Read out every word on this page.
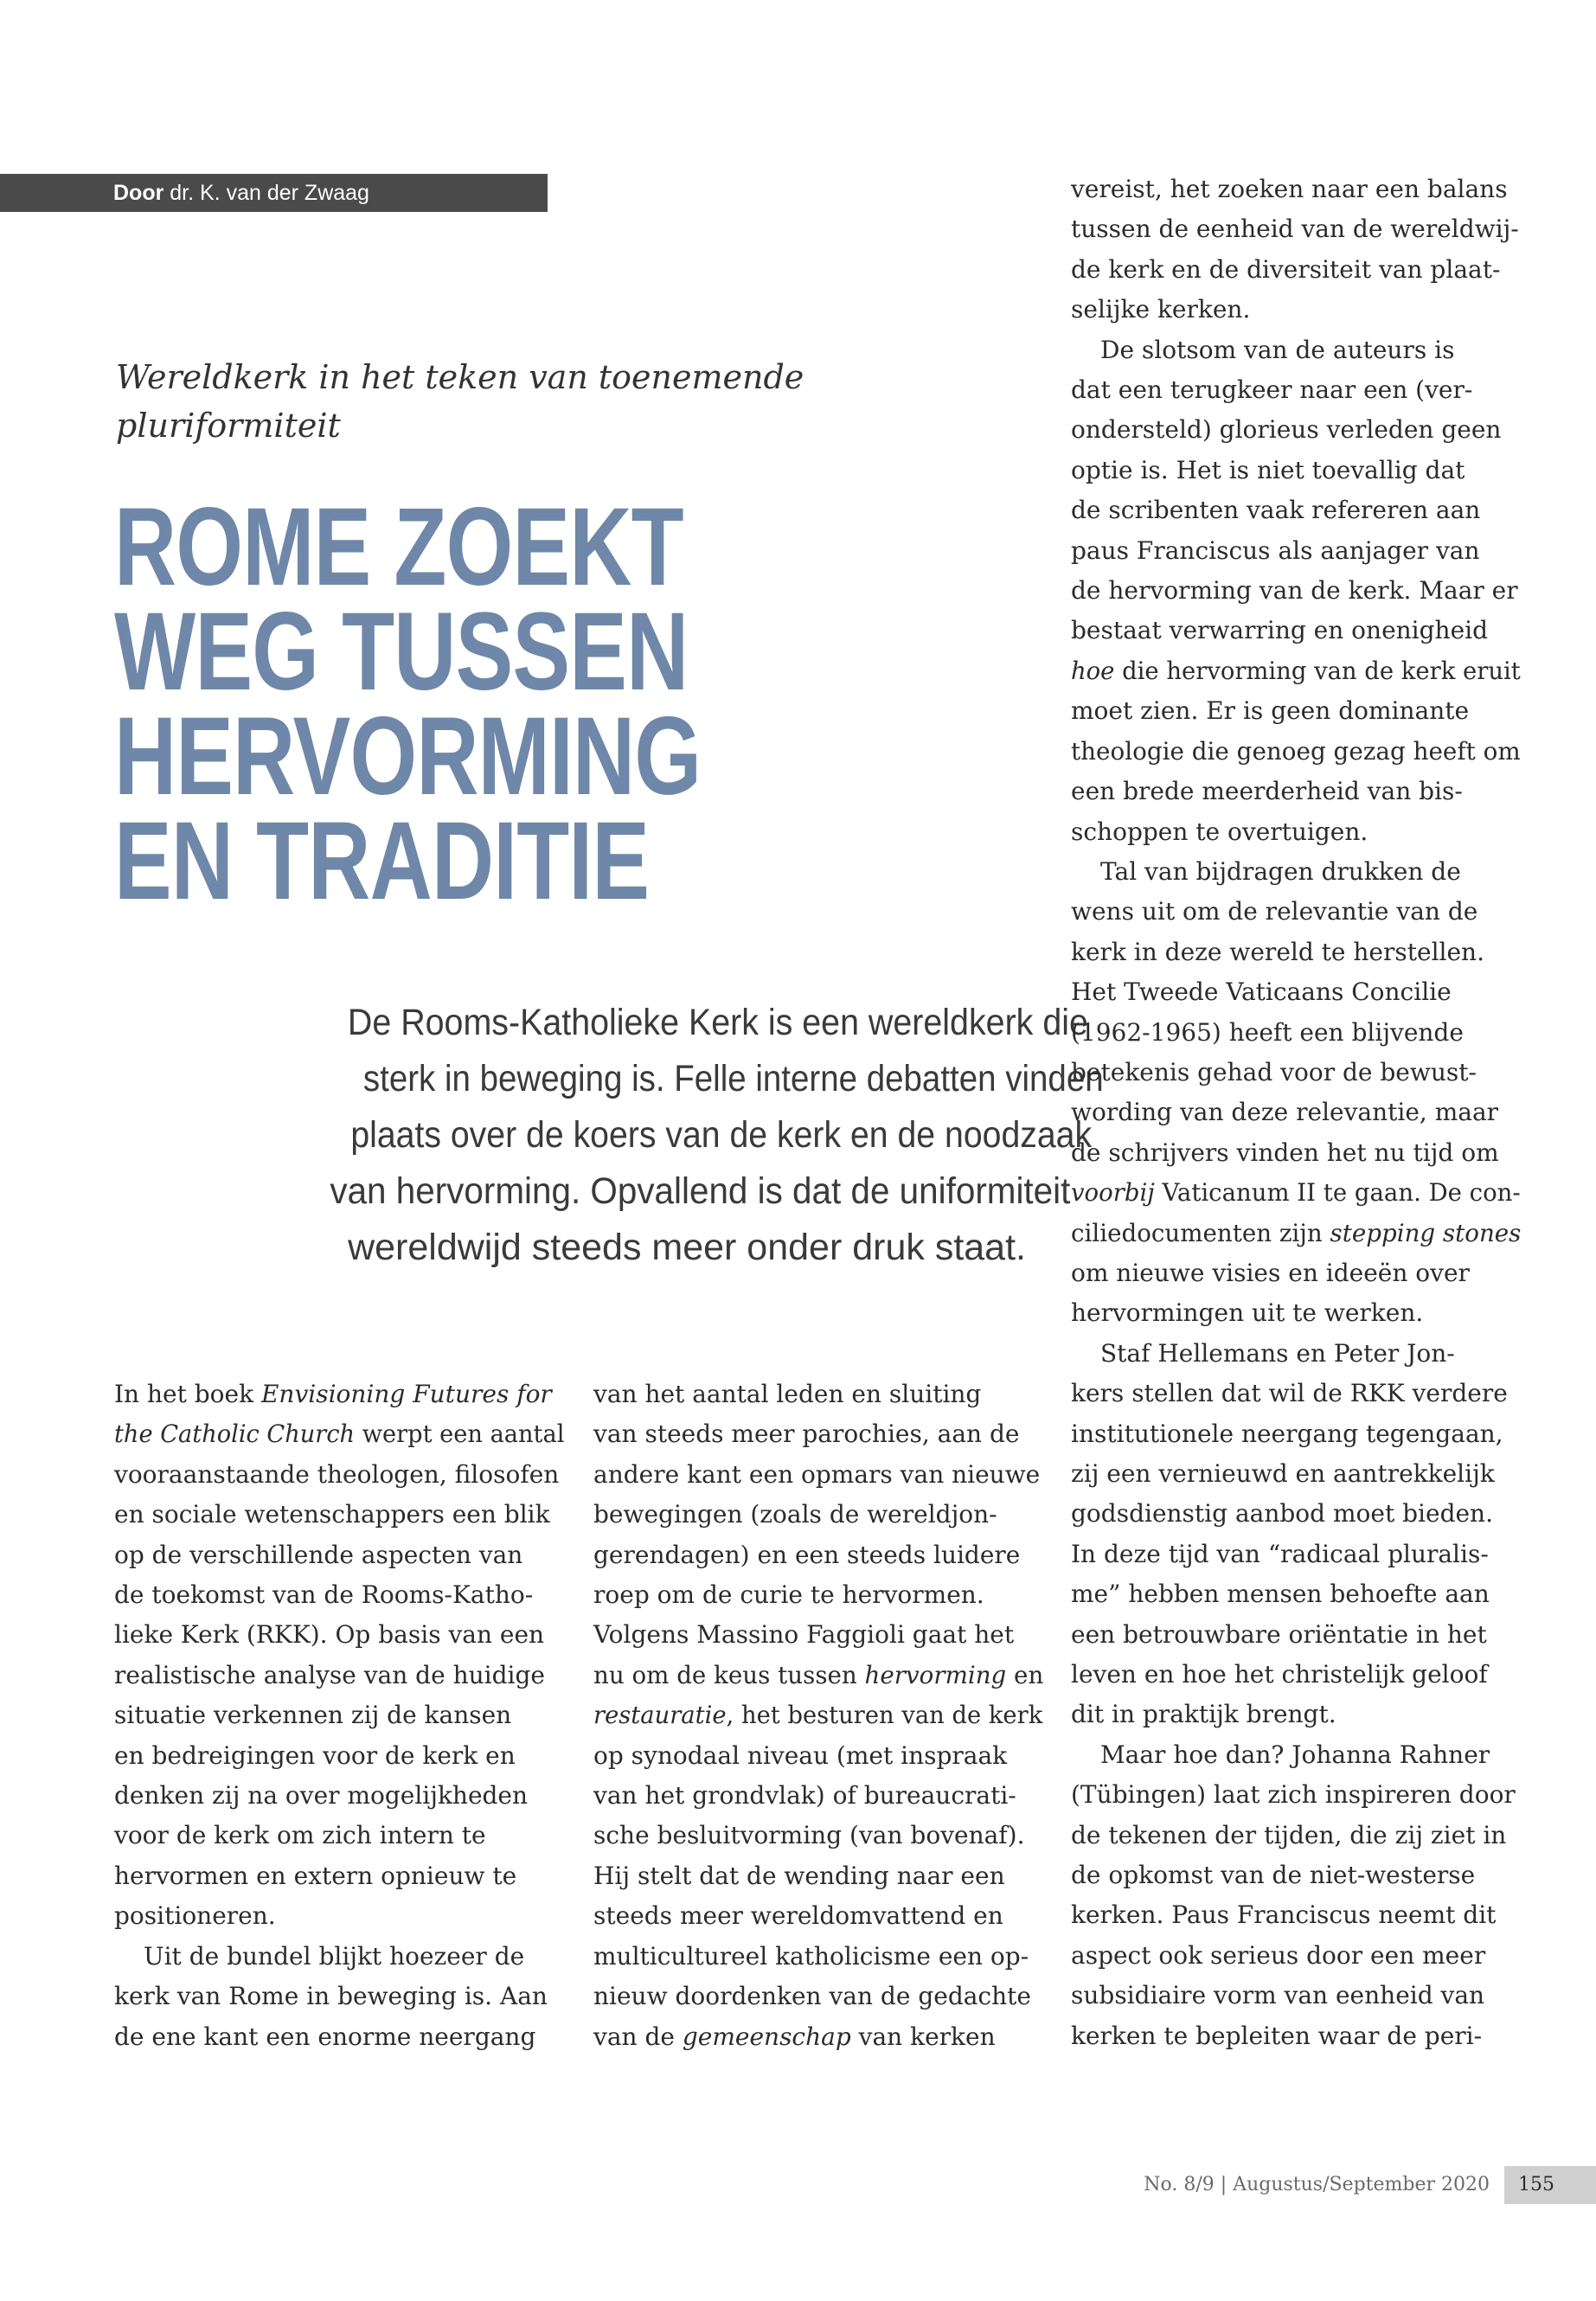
Door dr. K. van der Zwaag
Wereldkerk in het teken van toenemende
pluriformiteit
ROME ZOEKT
WEG TUSSEN
HERVORMING
EN TRADITIE
De Rooms-Katholieke Kerk is een wereldkerk die
sterk in beweging is. Felle interne debatten vinden
plaats over de koers van de kerk en de noodzaak
van hervorming. Opvallend is dat de uniformiteit
wereldwijd steeds meer onder druk staat.
In het boek Envisioning Futures for
the Catholic Church werpt een aantal
vooraanstaande theologen, filosofen
en sociale wetenschappers een blik
op de verschillende aspecten van
de toekomst van de Rooms-Katho-
lieke Kerk (RKK). Op basis van een
realistische analyse van de huidige
situatie verkennen zij de kansen
en bedreigingen voor de kerk en
denken zij na over mogelijkheden
voor de kerk om zich intern te
hervormen en extern opnieuw te
positioneren.
Uit de bundel blijkt hoezeer de
kerk van Rome in beweging is. Aan
de ene kant een enorme neergang
van het aantal leden en sluiting
van steeds meer parochies, aan de
andere kant een opmars van nieuwe
bewegingen (zoals de wereldjon-
gerendagen) en een steeds luidere
roep om de curie te hervormen.
Volgens Massino Faggioli gaat het
nu om de keus tussen hervorming en
restauratie, het besturen van de kerk
op synodaal niveau (met inspraak
van het grondvlak) of bureaucrati-
sche besluitvorming (van bovenaf).
Hij stelt dat de wending naar een
steeds meer wereldomvattend en
multicultureel katholicisme een op-
nieuw doordenken van de gedachte
van de gemeenschap van kerken
vereist, het zoeken naar een balans
tussen de eenheid van de wereldwij-
de kerk en de diversiteit van plaat-
selijke kerken.
De slotsom van de auteurs is
dat een terugkeer naar een (ver-
ondersteld) glorieus verleden geen
optie is. Het is niet toevallig dat
de scribenten vaak refereren aan
paus Franciscus als aanjager van
de hervorming van de kerk. Maar er
bestaat verwarring en onenigheid
hoe die hervorming van de kerk eruit
moet zien. Er is geen dominante
theologie die genoeg gezag heeft om
een brede meerderheid van bis-
schoppen te overtuigen.
Tal van bijdragen drukken de
wens uit om de relevantie van de
kerk in deze wereld te herstellen.
Het Tweede Vaticaans Concilie
(1962-1965) heeft een blijvende
betekenis gehad voor de bewust-
wording van deze relevantie, maar
de schrijvers vinden het nu tijd om
voorbij Vaticanum II te gaan. De con-
ciliedocumenten zijn stepping stones
om nieuwe visies en ideeën over
hervormingen uit te werken.
Staf Hellemans en Peter Jon-
kers stellen dat wil de RKK verdere
institutionele neergang tegengaan,
zij een vernieuwd en aantrekkelijk
godsdienstig aanbod moet bieden.
In deze tijd van “radicaal pluralis-
me” hebben mensen behoefte aan
een betrouwbare oriëntatie in het
leven en hoe het christelijk geloof
dit in praktijk brengt.
Maar hoe dan? Johanna Rahner
(Tübingen) laat zich inspireren door
de tekenen der tijden, die zij ziet in
de opkomst van de niet-westerse
kerken. Paus Franciscus neemt dit
aspect ook serieus door een meer
subsidiaire vorm van eenheid van
kerken te bepleiten waar de peri-
No. 8/9 | Augustus/September 2020	155
